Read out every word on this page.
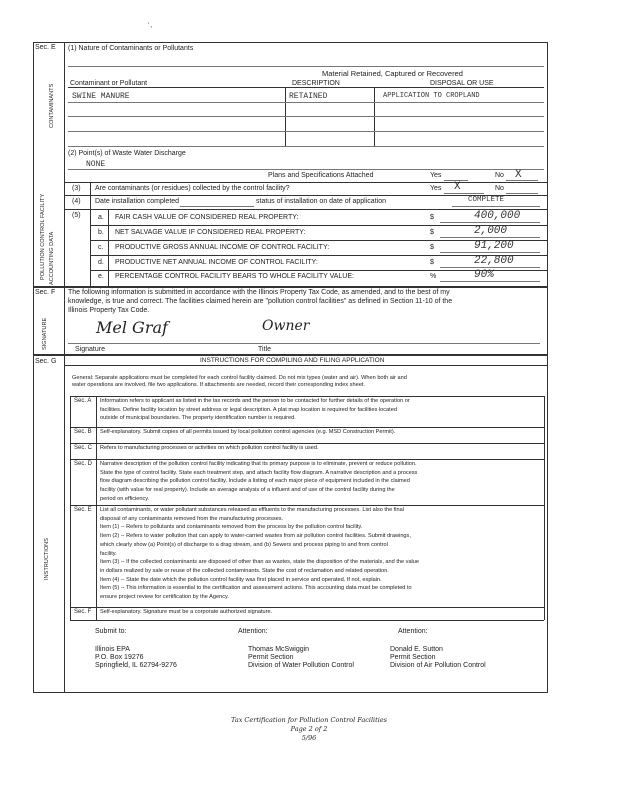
' ,
Sec. E
POLLUTION CONTROL FACILITY
CONTAMINANTS
ACCOUNTING DATA
(1) Nature of Contaminants or Pollutants
Material Retained, Captured or Recovered
Contaminant or Pollutant	DESCRIPTION	DISPOSAL OR USE
SWINE MANURE	RETAINED	APPLICATION TO CROPLAND
(2) Point(s) of Waste Water Discharge
NONE
Plans and Specifications Attached	Yes	No X
(3) Are contaminants (or residues) collected by the control facility?	Yes X	No
(4) Date installation completed	status of installation on date of application	COMPLETE
(5) a. FAIR CASH VALUE OF CONSIDERED REAL PROPERTY:	$	400,000
b. NET SALVAGE VALUE IF CONSIDERED REAL PROPERTY:	$	2,000
c. PRODUCTIVE GROSS ANNUAL INCOME OF CONTROL FACILITY:	$	91,200
d. PRODUCTIVE NET ANNUAL INCOME OF CONTROL FACILITY:	$	22,800
e. PERCENTAGE CONTROL FACILITY BEARS TO WHOLE FACILITY VALUE:	%	90%
Sec. F
SIGNATURE
The following information is submitted in accordance with the Illinois Property Tax Code, as amended, and to the best of my
knowledge, is true and correct. The facilities claimed herein are "pollution control facilities" as defined in Section 11-10 of the
Illinois Property Tax Code.
Mel Graf	Owner
Signature	Title
Sec. G
INSTRUCTIONS
INSTRUCTIONS FOR COMPILING AND FILING APPLICATION
General: Separate applications must be completed for each control facility claimed. Do not mix types (water and air). When both air and
water operations are involved, file two applications. If attachments are needed, record their corresponding index sheet.
Sec. A Information refers to applicant as listed in the tax records and the person to be contacted for further details of the operation or
facilities. Define facility location by street address or legal description. A plat map location is required for facilities located
outside of municipal boundaries. The property identification number is required.
Sec. B Self-explanatory. Submit copies of all permits issued by local pollution control agencies (e.g. MSD Construction Permit).
Sec. C Refers to manufacturing processes or activities on which pollution control facility is used.
Sec. D Narrative description of the pollution control facility indicating that its primary purpose is to eliminate, prevent or reduce pollution.
State the type of control facility. State each treatment step, and attach facility flow diagram. A narrative description and a process
flow diagram describing the pollution control facility. Include a listing of each major piece of equipment included in the claimed
facility (with value for real property). Include an average analysis of a influent and of use of the control facility during the
period on efficiency.
Sec. E List all contaminants, or water pollutant substances released as effluents to the manufacturing processes. List also the final
disposal of any contaminants removed from the manufacturing processes.
Item (1) -- Refers to pollutants and contaminants removed from the process by the pollution control facility.
Item (2) -- Refers to water pollution that can apply to water-carried wastes from air pollution control facilities. Submit drawings,
which clearly show (a) Point(s) of discharge to a drag stream, and (b) Sewers and process piping to and from control
facility.
Item (3) -- If the collected contaminants are disposed of other than as wastes, state the disposition of the materials, and the value
in dollars realized by sale or reuse of the collected contaminants. State the cost of reclamation and related operation.
Item (4) -- State the date which the pollution control facility was first placed in service and operated. If not, explain.
Item (5) -- This information is essential to the certification and assessment actions. This accounting data must be completed to
ensure project review for certification by the Agency.
Sec. F Self-explanatory. Signature must be a corporate authorized signature.
Submit to:	Attention:	Attention:
Illinois EPA
P.O. Box 19276
Springfield, IL 62794-9276
Thomas McSwiggin
Permit Section
Division of Water Pollution Control
Donald E. Sutton
Permit Section
Division of Air Pollution Control
Tax Certification for Pollution Control Facilities
Page 2 of 2
5/96
